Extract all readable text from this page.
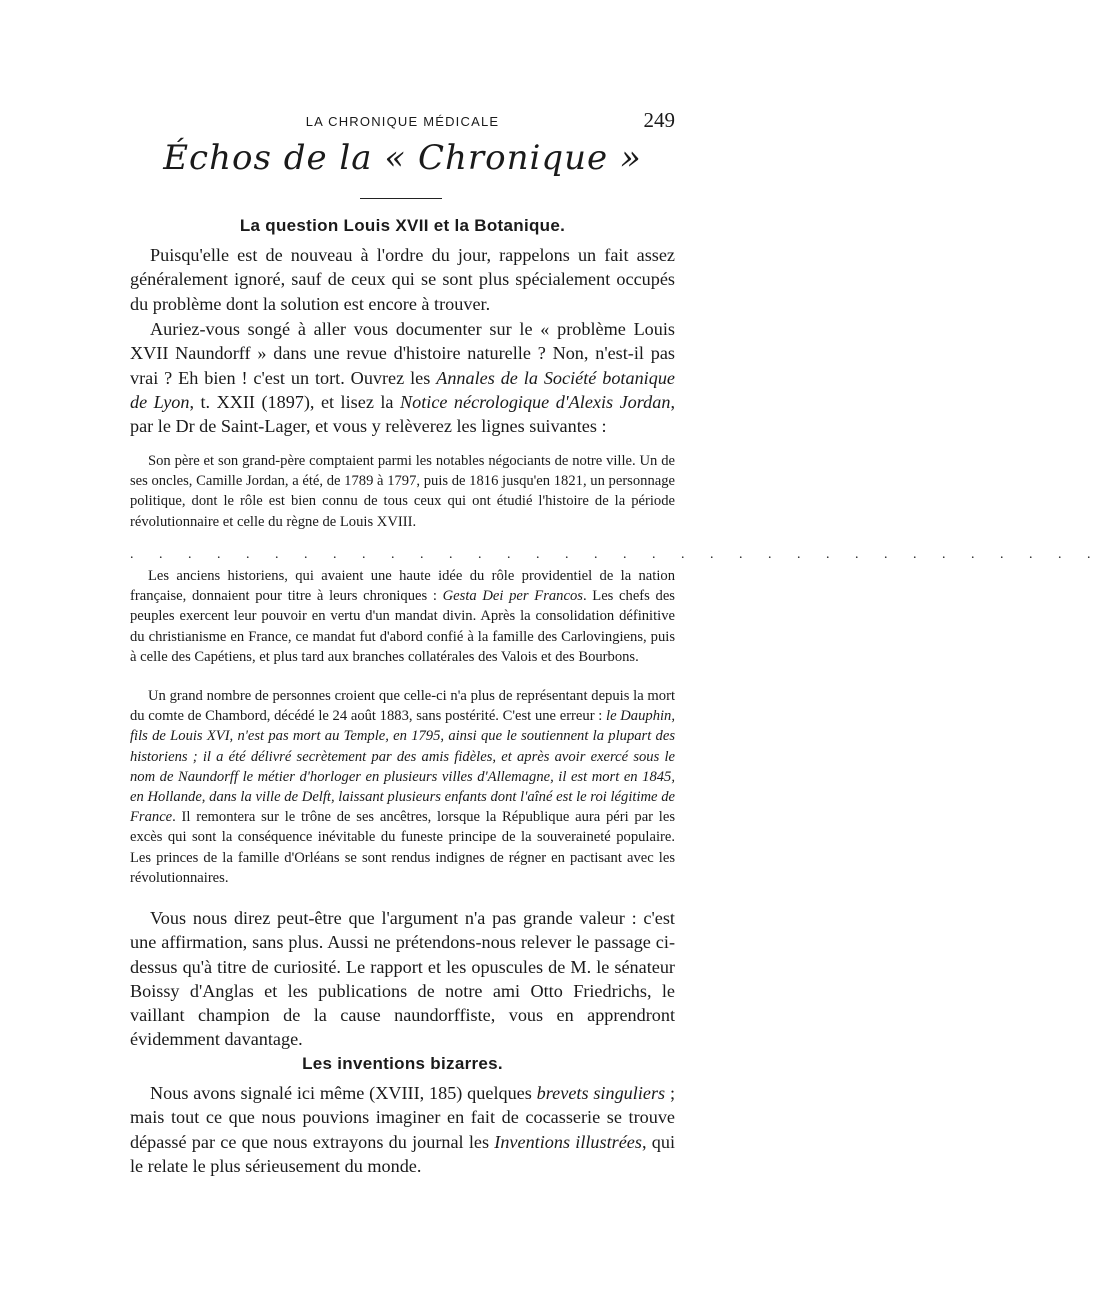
LA CHRONIQUE MÉDICALE	249
Échos de la « Chronique »
La question Louis XVII et la Botanique.

Puisqu'elle est de nouveau à l'ordre du jour, rappelons un fait assez généralement ignoré, sauf de ceux qui se sont plus spécialement occupés du problème dont la solution est encore à trouver.

Auriez-vous songé à aller vous documenter sur le « problème Louis XVII Naundorff » dans une revue d'histoire naturelle ? Non, n'est-il pas vrai ? Eh bien ! c'est un tort. Ouvrez les Annales de la Société botanique de Lyon, t. XXII (1897), et lisez la Notice nécrologique d'Alexis Jordan, par le Dr de Saint-Lager, et vous y relèverez les lignes suivantes :

Son père et son grand-père comptaient parmi les notables négociants de notre ville. Un de ses oncles, Camille Jordan, a été, de 1789 à 1797, puis de 1816 jusqu'en 1821, un personnage politique, dont le rôle est bien connu de tous ceux qui ont étudié l'histoire de la période révolutionnaire et celle du règne de Louis XVIII.

. . . . . . . . . . . . . . . . . . . . . . . . . . . . . . . . . .

Les anciens historiens, qui avaient une haute idée du rôle providentiel de la nation française, donnaient pour titre à leurs chroniques : Gesta Dei per Francos. Les chefs des peuples exercent leur pouvoir en vertu d'un mandat divin. Après la consolidation définitive du christianisme en France, ce mandat fut d'abord confié à la famille des Carlovingiens, puis à celle des Capétiens, et plus tard aux branches collatérales des Valois et des Bourbons.

Un grand nombre de personnes croient que celle-ci n'a plus de représentant depuis la mort du comte de Chambord, décédé le 24 août 1883, sans postérité. C'est une erreur : le Dauphin, fils de Louis XVI, n'est pas mort au Temple, en 1795, ainsi que le soutiennent la plupart des historiens ; il a été délivré secrètement par des amis fidèles, et après avoir exercé sous le nom de Naundorff le métier d'horloger en plusieurs villes d'Allemagne, il est mort en 1845, en Hollande, dans la ville de Delft, laissant plusieurs enfants dont l'aîné est le roi légitime de France. Il remontera sur le trône de ses ancêtres, lorsque la République aura péri par les excès qui sont la conséquence inévitable du funeste principe de la souveraineté populaire. Les princes de la famille d'Orléans se sont rendus indignes de régner en pactisant avec les révolutionnaires.

Vous nous direz peut-être que l'argument n'a pas grande valeur : c'est une affirmation, sans plus. Aussi ne prétendons-nous relever le passage ci-dessus qu'à titre de curiosité. Le rapport et les opuscules de M. le sénateur Boissy d'Anglas et les publications de notre ami Otto Friedrichs, le vaillant champion de la cause naundorffiste, vous en apprendront évidemment davantage.

Les inventions bizarres.

Nous avons signalé ici même (XVIII, 185) quelques brevets singuliers ; mais tout ce que nous pouvions imaginer en fait de cocasserie se trouve dépassé par ce que nous extrayons du journal les Inventions illustrées, qui le relate le plus sérieusement du monde.
